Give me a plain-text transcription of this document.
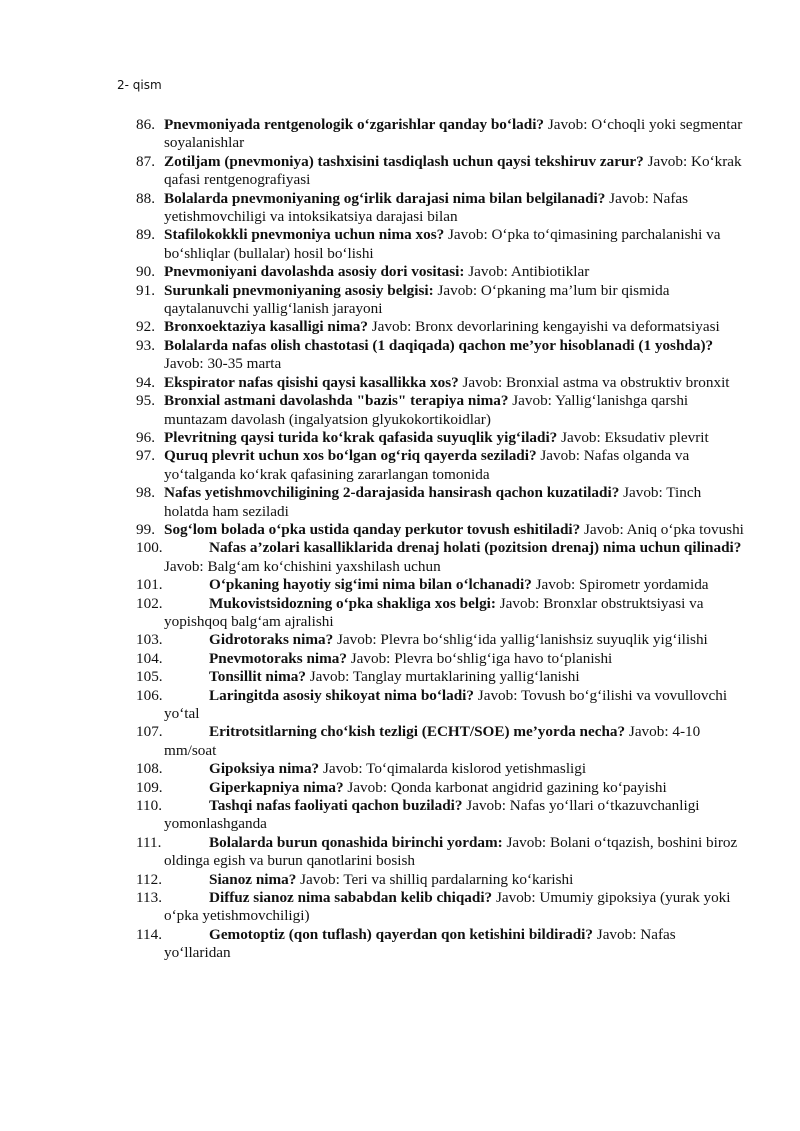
2- qism
86. Pnevmoniyada rentgenologik o‘zgarishlar qanday bo‘ladi? Javob: O‘choqli yoki segmentar soyalanishlar
87. Zotiljam (pnevmoniya) tashxisini tasdiqlash uchun qaysi tekshiruv zarur? Javob: Ko‘krak qafasi rentgenografiyasi
88. Bolalarda pnevmoniyaning og‘irlik darajasi nima bilan belgilanadi? Javob: Nafas yetishmovchiligi va intoksikatsiya darajasi bilan
89. Stafilokokkli pnevmoniya uchun nima xos? Javob: O‘pka to‘qimasining parchalanishi va bo‘shliqlar (bullalar) hosil bo‘lishi
90. Pnevmoniyani davolashda asosiy dori vositasi: Javob: Antibiotiklar
91. Surunkali pnevmoniyaning asosiy belgisi: Javob: O‘pkaning ma’lum bir qismida qaytalanuvchi yallig‘lanish jarayoni
92. Bronxoektaziya kasalligi nima? Javob: Bronx devorlarining kengayishi va deformatsiyasi
93. Bolalarda nafas olish chastotasi (1 daqiqada) qachon me’yor hisoblanadi (1 yoshda)? Javob: 30-35 marta
94. Ekspirator nafas qisishi qaysi kasallikka xos? Javob: Bronxial astma va obstruktiv bronxit
95. Bronxial astmani davolashda "bazis" terapiya nima? Javob: Yallig‘lanishga qarshi muntazam davolash (ingalyatsion glyukokortikoidlar)
96. Plevritning qaysi turida ko‘krak qafasida suyuqlik yig‘iladi? Javob: Eksudativ plevrit
97. Quruq plevrit uchun xos bo‘lgan og‘riq qayerda seziladi? Javob: Nafas olganda va yo‘talganda ko‘krak qafasining zararlangan tomonida
98. Nafas yetishmovchiligining 2-darajasida hansirash qachon kuzatiladi? Javob: Tinch holatda ham seziladi
99. Sog‘lom bolada o‘pka ustida qanday perkutor tovush eshitiladi? Javob: Aniq o‘pka tovushi
100.	Nafas a’zolari kasalliklarida drenaj holati (pozitsion drenaj) nima uchun qilinadi? Javob: Balg‘am ko‘chishini yaxshilash uchun
101.	O‘pkaning hayotiy sig‘imi nima bilan o‘lchanadi? Javob: Spirometr yordamida
102.	Mukovistsidozning o‘pka shakliga xos belgi: Javob: Bronxlar obstruktsiyasi va yopishqoq balg‘am ajralishi
103.	Gidrotoraks nima? Javob: Plevra bo‘shlig‘ida yallig‘lanishsiz suyuqlik yig‘ilishi
104.	Pnevmotoraks nima? Javob: Plevra bo‘shlig‘iga havo to‘planishi
105.	Tonsillit nima? Javob: Tanglay murtaklarining yallig‘lanishi
106.	Laringitda asosiy shikoyat nima bo‘ladi? Javob: Tovush bo‘g‘ilishi va vovullovchi yo‘tal
107.	Eritrotsitlarning cho‘kish tezligi (ECHT/SOE) me’yorda necha? Javob: 4-10 mm/soat
108.	Gipoksiya nima? Javob: To‘qimalarda kislorod yetishmasligi
109.	Giperkapniya nima? Javob: Qonda karbonat angidrid gazining ko‘payishi
110.	Tashqi nafas faoliyati qachon buziladi? Javob: Nafas yo‘llari o‘tkazuvchanligi yomonlashganda
111.	Bolalarda burun qonashida birinchi yordam: Javob: Bolani o‘tqazish, boshini biroz oldinga egish va burun qanotlarini bosish
112.	Sianoz nima? Javob: Teri va shilliq pardalarning ko‘karishi
113.	Diffuz sianoz nima sababdan kelib chiqadi? Javob: Umumiy gipoksiya (yurak yoki o‘pka yetishmovchiligi)
114.	Gemotoptiz (qon tuflash) qayerdan qon ketishini bildiradi? Javob: Nafas yo‘llaridan
